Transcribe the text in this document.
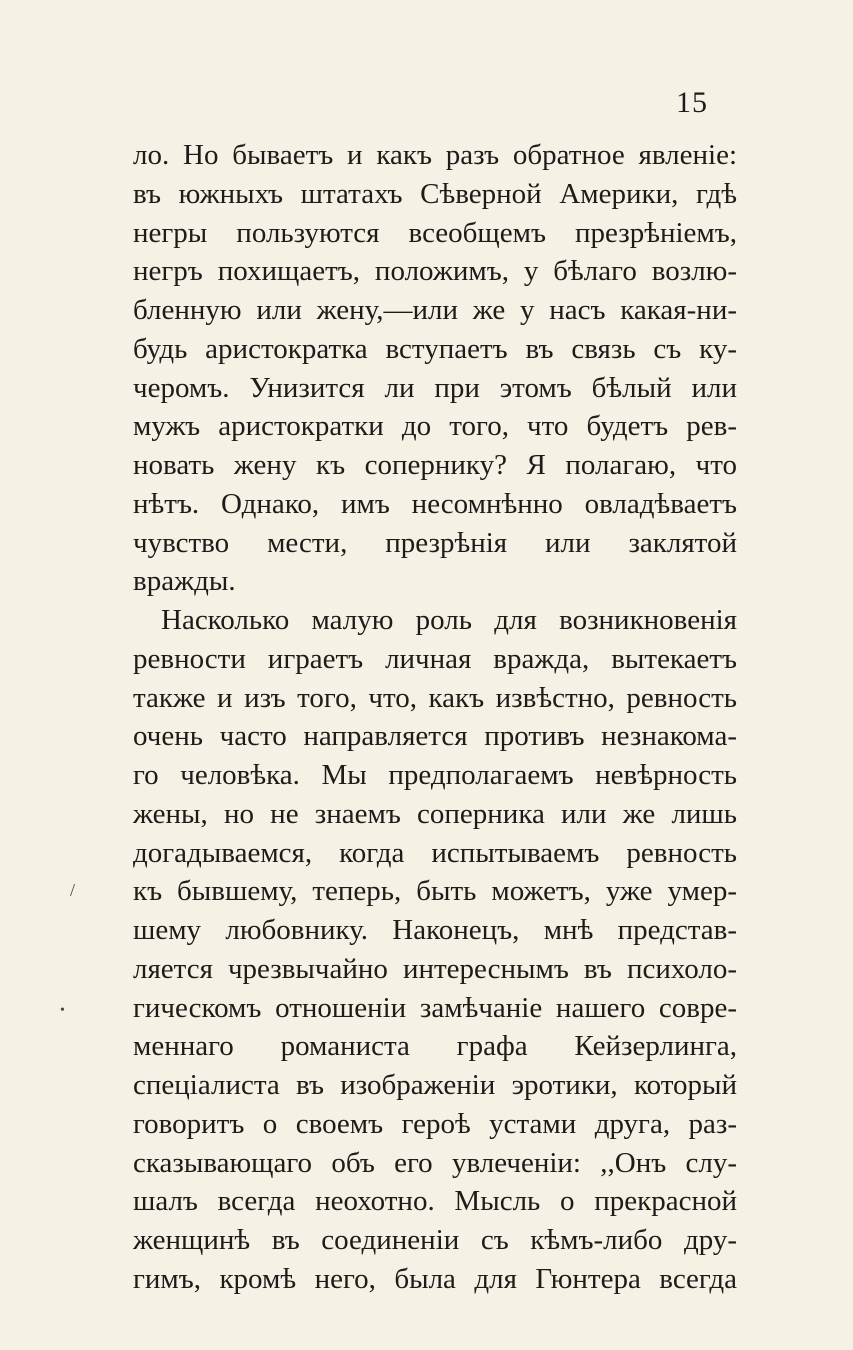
15
ло. Но бываетъ и какъ разъ обратное явленіе:
въ южныхъ штатахъ Сѣверной Америки, гдѣ
негры пользуются всеобщемъ презрѣніемъ,
негръ похищаетъ, положимъ, у бѣлаго возлю-
бленную или жену,—или же у насъ какая-ни-
будь аристократка вступаетъ въ связь съ ку-
черомъ. Унизится ли при этомъ бѣлый или
мужъ аристократки до того, что будетъ рев-
новать жену къ сопернику? Я полагаю, что
нѣтъ. Однако, имъ несомнѣнно овладѣваетъ
чувство мести, презрѣнія или заклятой
вражды.
Насколько малую роль для возникновенія
ревности играетъ личная вражда, вытекаетъ
также и изъ того, что, какъ извѣстно, ревность
очень часто направляется противъ незнакома-
го человѣка. Мы предполагаемъ невѣрность
жены, но не знаемъ соперника или же лишь
догадываемся, когда испытываемъ ревность
къ бывшему, теперь, быть можетъ, уже умер-
шему любовнику. Наконецъ, мнѣ представ-
ляется чрезвычайно интереснымъ въ психоло-
гическомъ отношеніи замѣчаніе нашего совре-
меннаго романиста графа Кейзерлинга,
спеціалиста въ изображеніи эротики, который
говоритъ о своемъ героѣ устами друга, раз-
сказывающаго объ его увлеченіи: ,,Онъ слу-
шалъ всегда неохотно. Мысль о прекрасной
женщинѣ въ соединеніи съ кѣмъ-либо дру-
гимъ, кромѣ него, была для Гюнтера всегда
/
•
